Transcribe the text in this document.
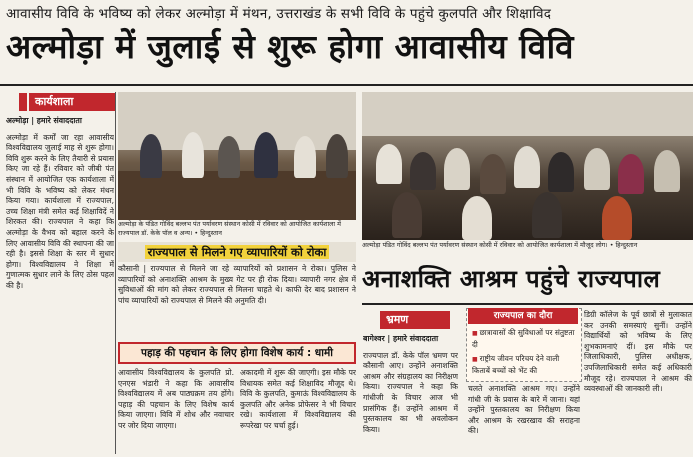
आवासीय विवि के भविष्य को लेकर अल्मोड़ा में मंथन, उत्तराखंड के सभी विवि के पहुंचे कुलपति और शिक्षाविद
अल्मोड़ा में जुलाई से शुरू होगा आवासीय विवि
कार्यशाला
अल्मोड़ा | हमारे संवाददाता
अल्मोड़ा में कर्मों जा रहा आवासीय विश्वविद्यालय जुलाई माह से शुरू होगा। विवि शुरू करने के लिए तैयारी से प्रयास किए जा रहे हैं। रविवार को जीबी पंत संस्थान में आयोजित एक कार्यशाला में भी विवि के भविष्य को लेकर मंथन किया गया। कार्यशाला में राज्यपाल, उच्च शिक्षा मंत्री समेत कई शिक्षाविदें ने शिरकत की। राज्यपाल ने कहा कि अल्मोड़ा के वैभव को बहाल करने के लिए आवासीय विवि की स्थापना की जा रही है। इससे शिक्षा के स्तर में सुधार होगा। विश्वविद्यालय ने शिक्षा में गुणात्मक सुधार लाने के लिए ठोस पहल की है।
अल्मोड़ा के पंडित गोविंद बल्लभ पंत पर्यावरण संस्थान कोसी में रविवार को आयोजित कार्यशाला में राज्यपाल डॉ. केके पॉल व अन्य। • हिन्दुस्तान
अल्मोड़ा पंडित गोविंद बल्लभ पंत पर्यावरण संस्थान कोसी में रविवार को आयोजित कार्यशाला में मौजूद लोग। • हिन्दुस्तान
राज्यपाल से मिलने गए व्यापारियों को रोका
कौसानी | राज्यपाल से मिलने जा रहे व्यापारियों को प्रशासन ने रोका। पुलिस ने व्यापारियों को अनाशक्ति आश्रम के मुख्य गेट पर ही रोक दिया। व्यापारी नगर क्षेत्र में सुविधाओं की मांग को लेकर राज्यपाल से मिलना चाहते थे। काफी देर बाद प्रशासन ने पांच व्यापारियों को राज्यपाल से मिलने की अनुमति दी।
पहाड़ की पहचान के लिए होगा विशेष कार्य : धामी
आवासीय विश्वविद्यालय के कुलपति प्रो. एनएस भंडारी ने कहा कि आवासीय विश्वविद्यालय में अब पाठ्यक्रम तय होंगे। पहाड़ की पहचान के लिए विशेष कार्य किया जाएगा। विवि में शोध और नवाचार पर जोर दिया जाएगा।
अकादमी में शुरू की जाएगी। इस मौके पर विधायक समेत कई शिक्षाविद मौजूद थे। विवि के कुलपति, कुमाऊं विश्वविद्यालय के कुलपति और अनेक प्रोफेसर ने भी विचार रखे। कार्यशाला में विश्वविद्यालय की रूपरेखा पर चर्चा हुई।
अनाशक्ति आश्रम पहुंचे राज्यपाल
भ्रमण
बागेश्वर | हमारे संवाददाता
राज्यपाल डॉ. केके पॉल भ्रमण पर कौसानी आए। उन्होंने अनाशक्ति आश्रम और संग्रहालय का निरीक्षण किया। राज्यपाल ने कहा कि गांधीजी के विचार आज भी प्रासंगिक हैं। उन्होंने आश्रम में पुस्तकालय का भी अवलोकन किया।
राज्यपाल का दौरा
■ छात्रावासों की सुविधाओं पर संतुष्टता दी
■ राष्ट्रीय जीवन परिचय देने वाली किताबें बच्चों को भेंट की
चलते अनाशक्ति आश्रम गए। उन्होंने गांधी जी के प्रवास के बारे में जाना। यहां उन्होंने पुस्तकालय का निरीक्षण किया और आश्रम के रखरखाव की सराहना की।
डिग्री कॉलेज के पूर्व छात्रों से मुलाकात कर उनकी समस्याएं सुनीं। उन्होंने विद्यार्थियों को भविष्य के लिए शुभकामनाएं दीं। इस मौके पर जिलाधिकारी, पुलिस अधीक्षक, उपजिलाधिकारी समेत कई अधिकारी मौजूद रहे। राज्यपाल ने आश्रम की व्यवस्थाओं की जानकारी ली।
